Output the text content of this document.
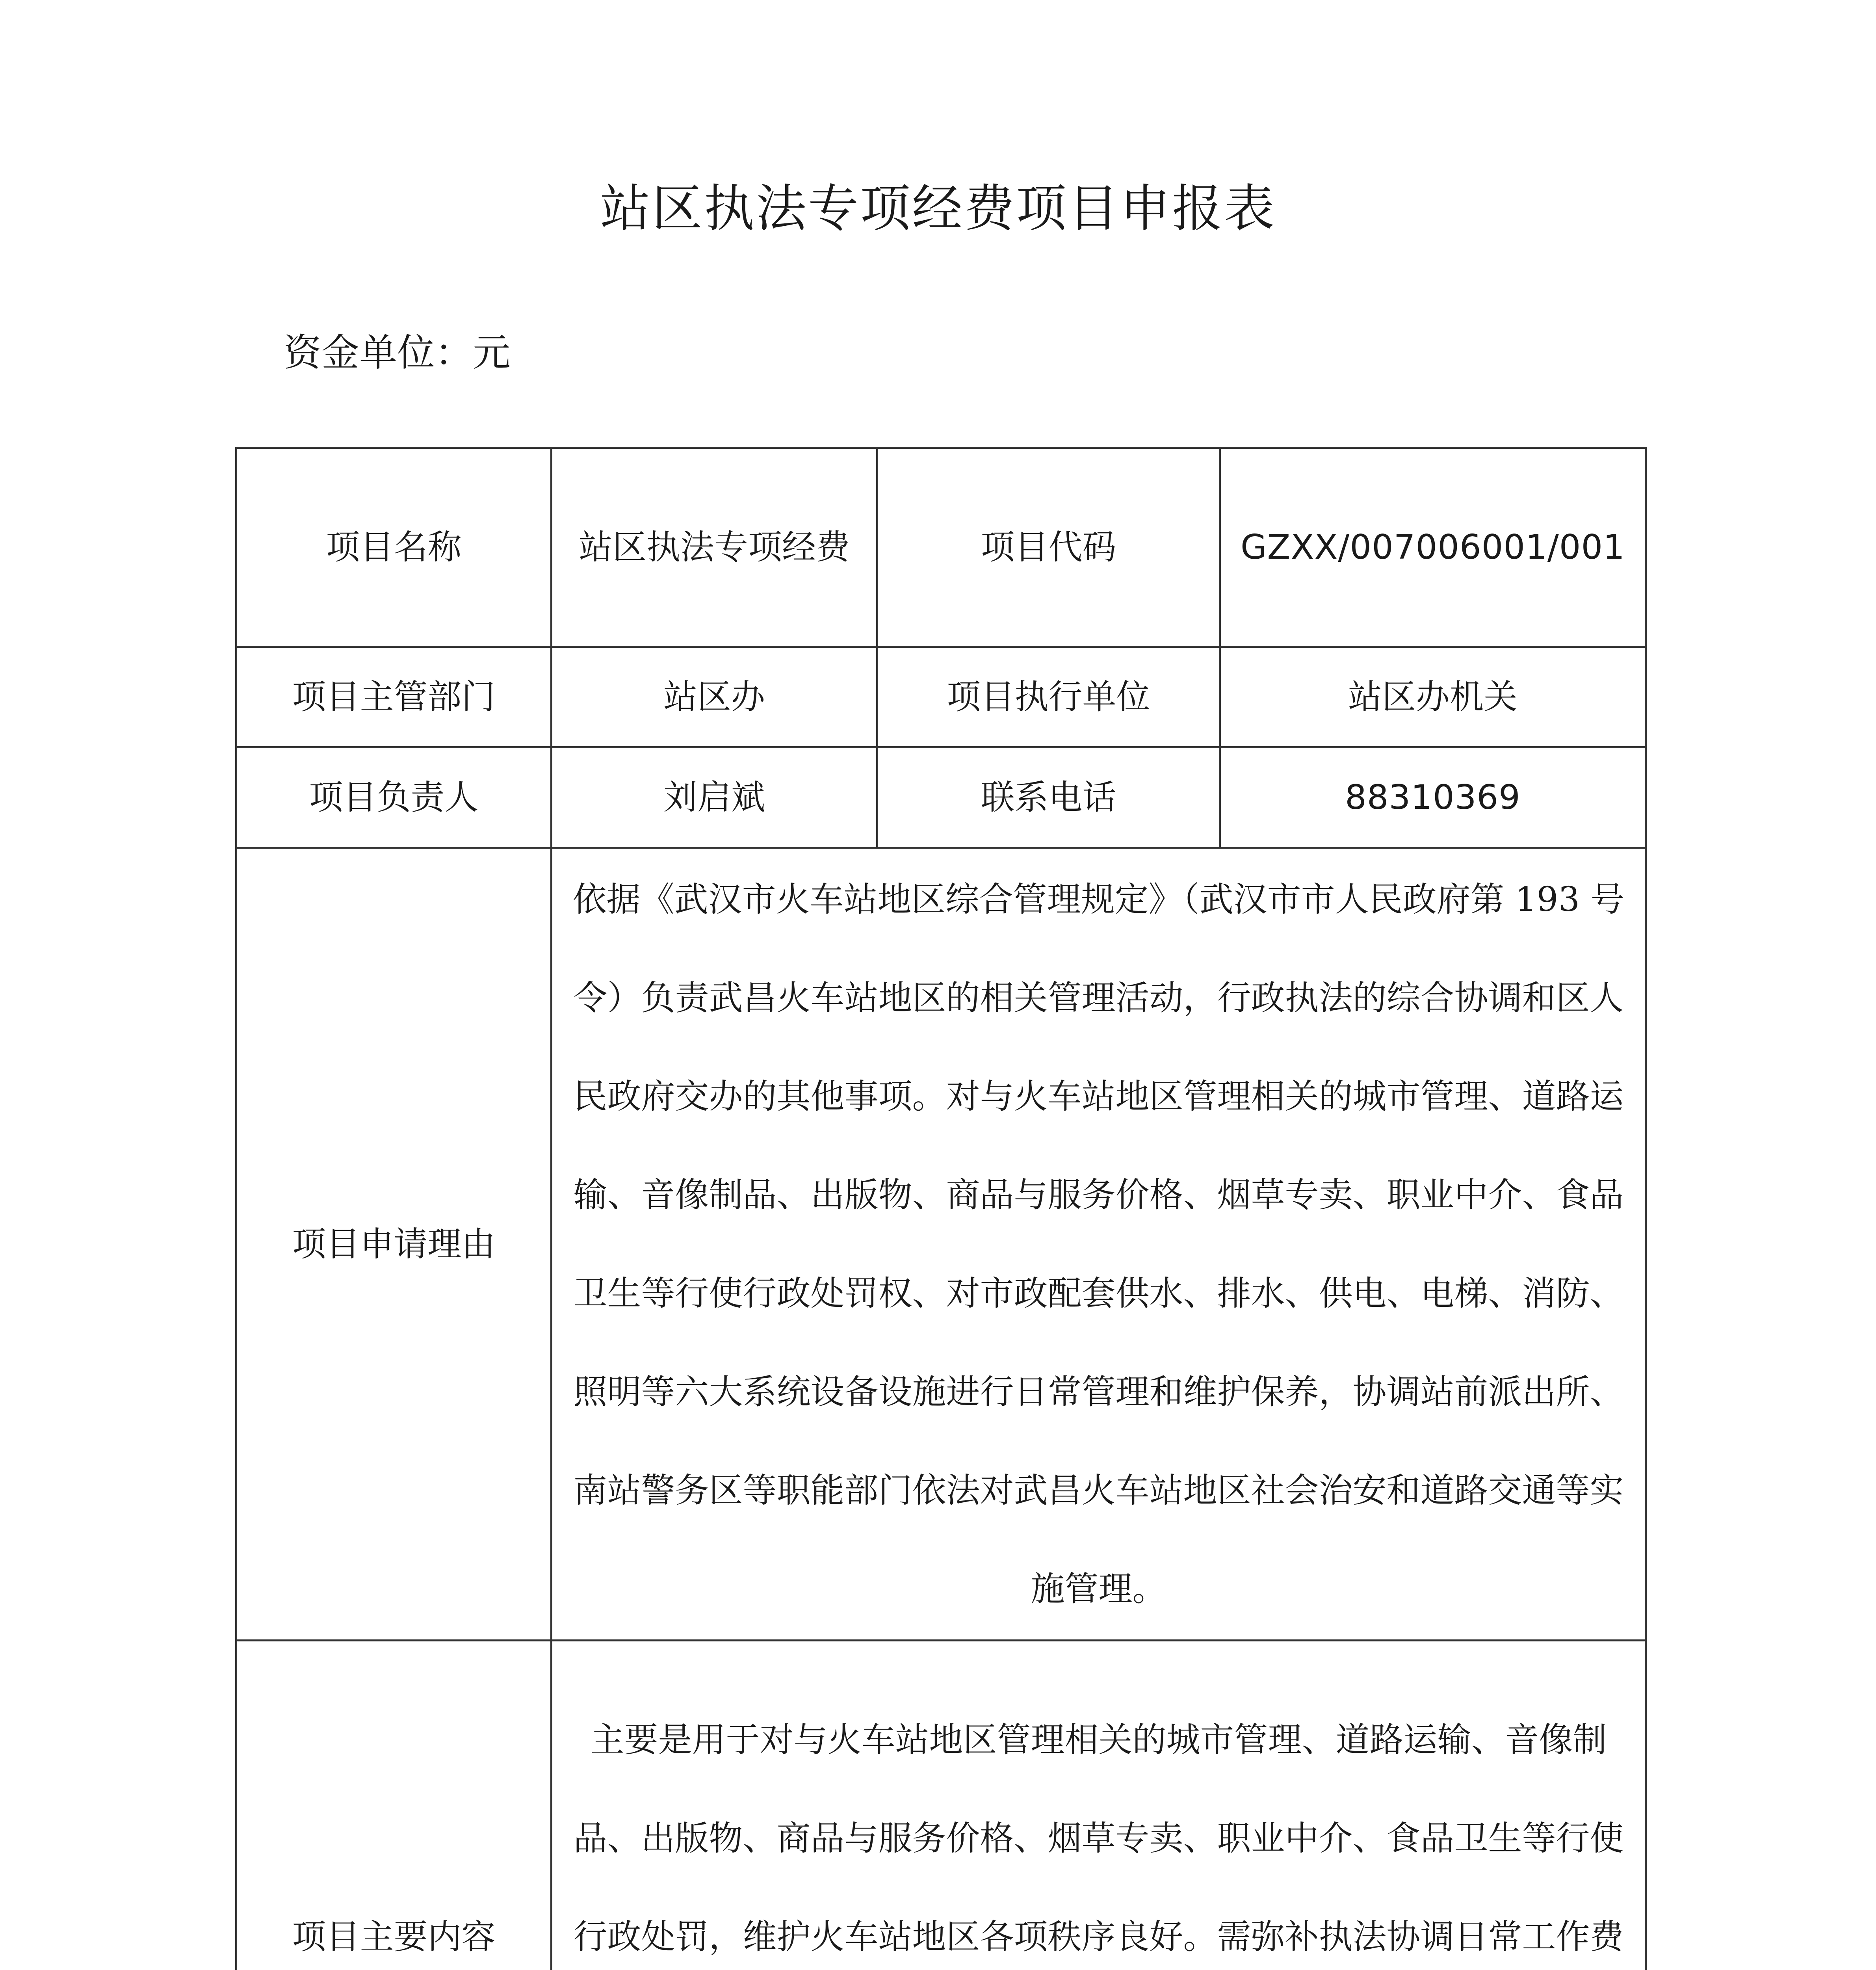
站区执法专项经费项目申报表
资金单位：元
项目名称	站区执法专项经费	项目代码	GZXX/007006001/001
项目主管部门	站区办	项目执行单位	站区办机关
项目负责人	刘启斌	联系电话	88310369
项目申请理由	依据《武汉市火车站地区综合管理规定》（武汉市市人民政府第 193 号令）负责武昌火车站地区的相关管理活动，行政执法的综合协调和区人民政府交办的其他事项。对与火车站地区管理相关的城市管理、道路运输、音像制品、出版物、商品与服务价格、烟草专卖、职业中介、食品卫生等行使行政处罚权、对市政配套供水、排水、供电、电梯、消防、照明等六大系统设备设施进行日常管理和维护保养，协调站前派出所、南站警务区等职能部门依法对武昌火车站地区社会治安和道路交通等实施管理。		
项目主要内容	主要是用于对与火车站地区管理相关的城市管理、道路运输、音像制品、出版物、商品与服务价格、烟草专卖、职业中介、食品卫生等行使行政处罚，维护火车站地区各项秩序良好。需弥补执法协调日常工作费		
